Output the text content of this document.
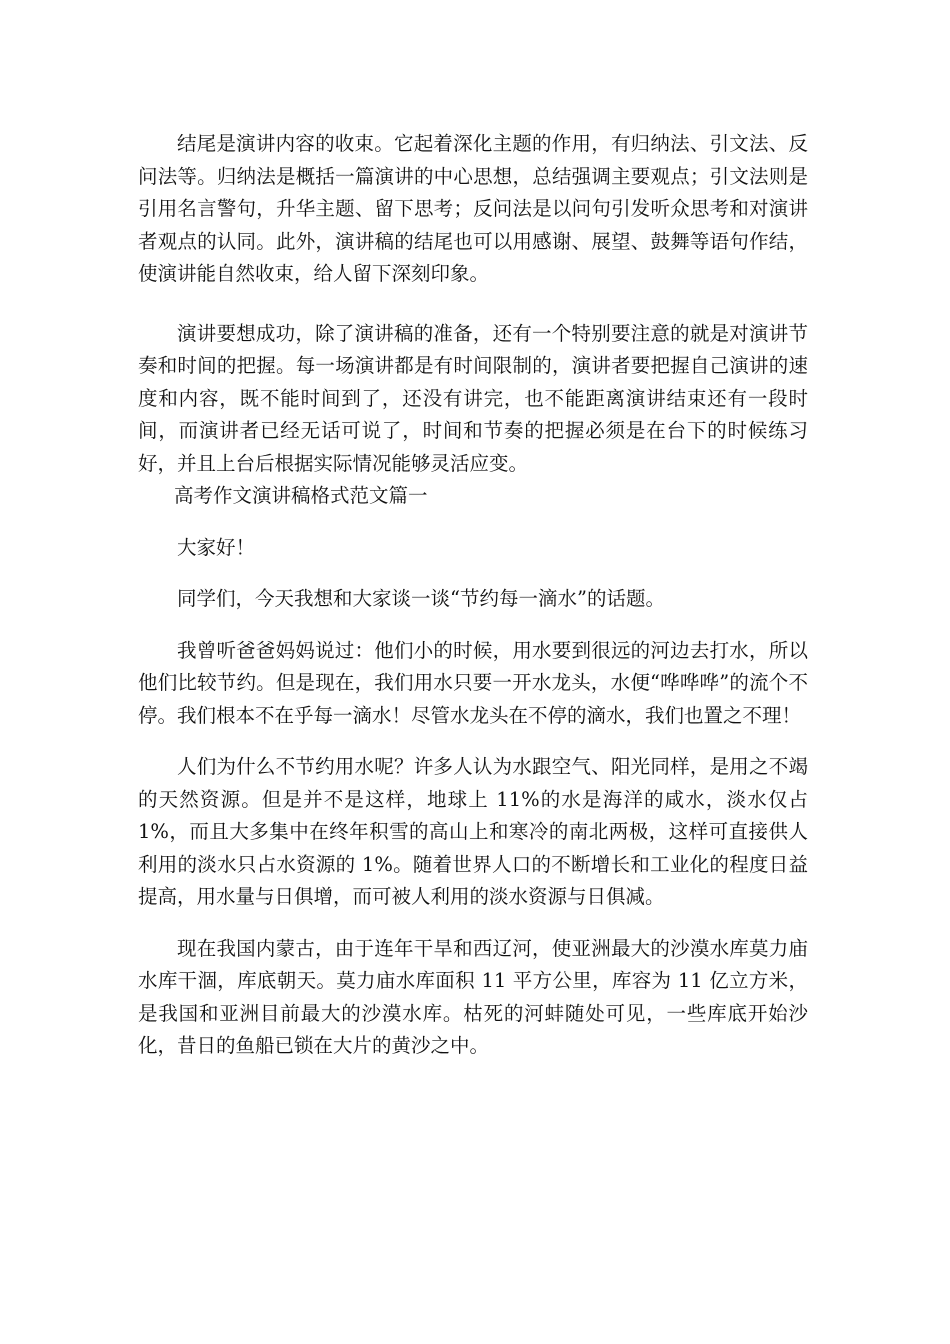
结尾是演讲内容的收束。它起着深化主题的作用，有归纳法、引文法、反问法等。归纳法是概括一篇演讲的中心思想，总结强调主要观点；引文法则是引用名言警句，升华主题、留下思考；反问法是以问句引发听众思考和对演讲者观点的认同。此外，演讲稿的结尾也可以用感谢、展望、鼓舞等语句作结，使演讲能自然收束，给人留下深刻印象。

演讲要想成功，除了演讲稿的准备，还有一个特别要注意的就是对演讲节奏和时间的把握。每一场演讲都是有时间限制的，演讲者要把握自己演讲的速度和内容，既不能时间到了，还没有讲完，也不能距离演讲结束还有一段时间，而演讲者已经无话可说了，时间和节奏的把握必须是在台下的时候练习好，并且上台后根据实际情况能够灵活应变。

高考作文演讲稿格式范文篇一

大家好！

同学们，今天我想和大家谈一谈“节约每一滴水”的话题。

我曾听爸爸妈妈说过：他们小的时候，用水要到很远的河边去打水，所以他们比较节约。但是现在，我们用水只要一开水龙头，水便“哗哗哗”的流个不停。我们根本不在乎每一滴水！尽管水龙头在不停的滴水，我们也置之不理！

人们为什么不节约用水呢？许多人认为水跟空气、阳光同样，是用之不竭的天然资源。但是并不是这样，地球上 11%的水是海洋的咸水，淡水仅占 1%，而且大多集中在终年积雪的高山上和寒冷的南北两极，这样可直接供人利用的淡水只占水资源的 1%。随着世界人口的不断增长和工业化的程度日益提高，用水量与日俱增，而可被人利用的淡水资源与日俱减。

现在我国内蒙古，由于连年干旱和西辽河，使亚洲最大的沙漠水库莫力庙水库干涸，库底朝天。莫力庙水库面积 11 平方公里，库容为 11 亿立方米，是我国和亚洲目前最大的沙漠水库。枯死的河蚌随处可见，一些库底开始沙化，昔日的鱼船已锁在大片的黄沙之中。
